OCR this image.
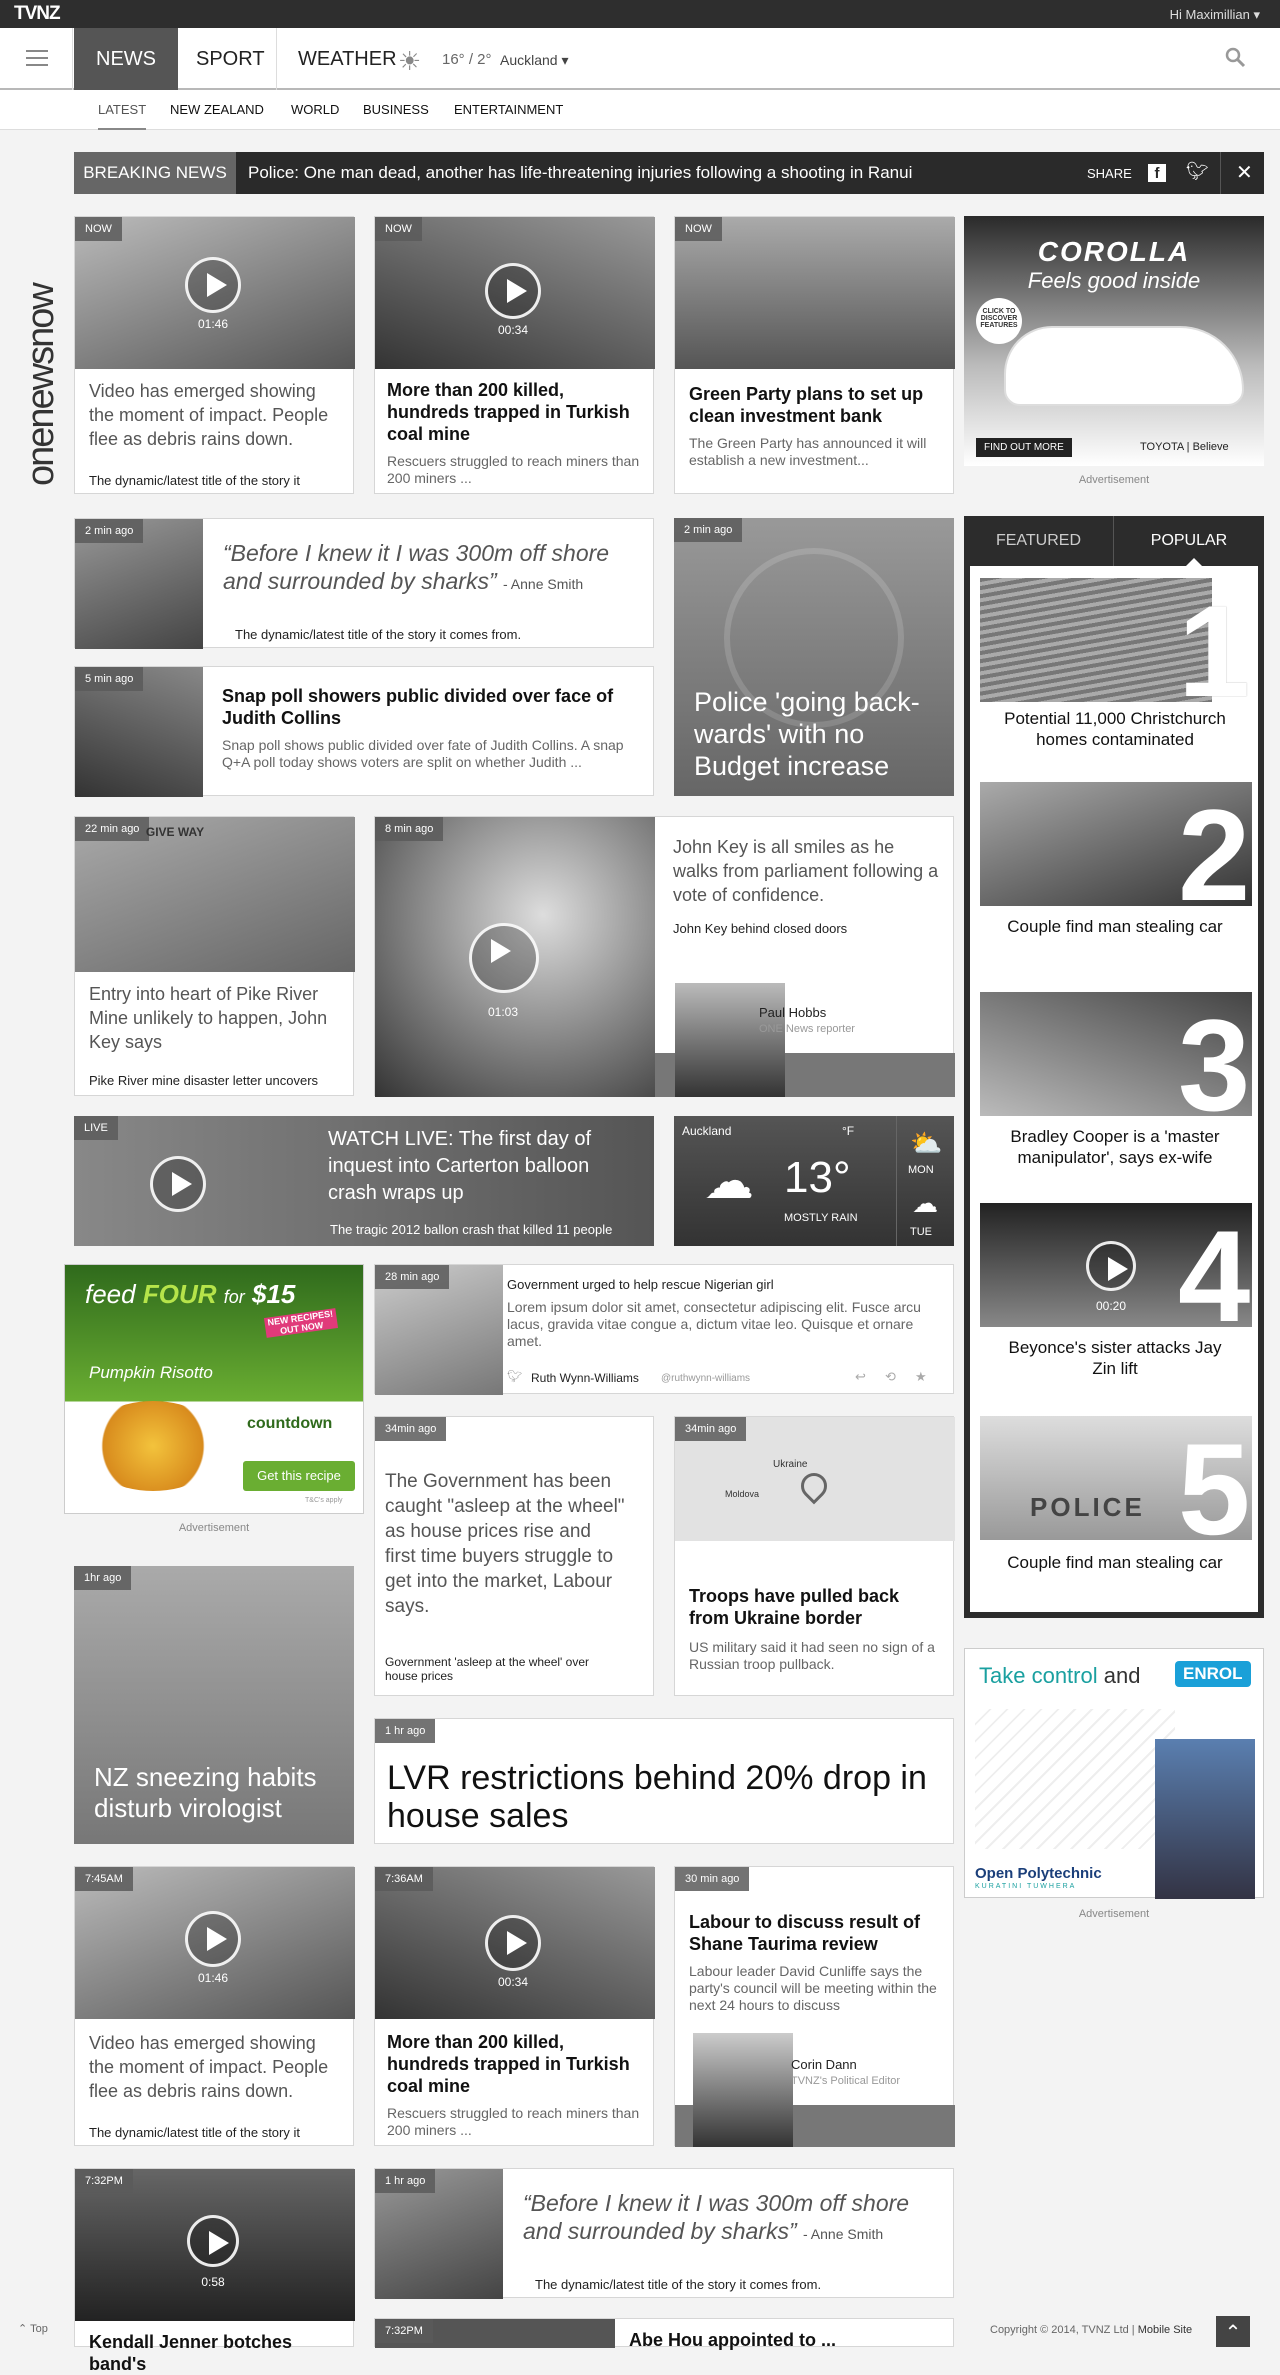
TVNZ	Hi Maximillian ▾
NEWS	SPORT	WEATHER ☀ 16° / 2° Auckland ▾
LATEST NEW ZEALAND WORLD BUSINESS ENTERTAINMENT
BREAKING NEWS	Police: One man dead, another has life-threatening injuries following a shooting in Ranui	SHARE	f	🐦︎ ✕
onenewsnow
NOW
01:46
Video has emerged showing the moment of impact. People flee as debris rains down.
The dynamic/latest title of the story it
NOW
00:34
More than 200 killed, hundreds trapped in Turkish coal mine
Rescuers struggled to reach miners than 200 miners ...
NOW
Green Party plans to set up clean investment bank
The Green Party has announced it will establish a new investment...
COROLLA
Feels good inside
CLICK TO DISCOVER FEATURES
FIND OUT MORE	TOYOTA | Believe
Advertisement
2 min ago
“Before I knew it I was 300m off shore and surrounded by sharks” - Anne Smith
The dynamic/latest title of the story it comes from.
5 min ago
Snap poll showers public divided over face of Judith Collins
Snap poll shows public divided over fate of Judith Collins. A snap Q+A poll today shows voters are split on whether Judith ...
2 min ago
Police 'going back-wards' with no Budget increase
FEATURED	POPULAR
1
Potential 11,000 Christchurch homes contaminated
2
Couple find man stealing car
3
Bradley Cooper is a 'master manipulator', says ex-wife
00:20 4
Beyonce's sister attacks Jay Zin lift
POLICE 5
Couple find man stealing car
22 min ago GIVE WAY
Entry into heart of Pike River Mine unlikely to happen, John Key says
Pike River mine disaster letter uncovers
8 min ago
01:03
John Key is all smiles as he walks from parliament following a vote of confidence.
John Key behind closed doors
Paul Hobbs
ONE News reporter
LIVE	WATCH LIVE: The first day of inquest into Carterton balloon crash wraps up
The tragic 2012 ballon crash that killed 11 people
Auckland	°F
☁ 13°
MOSTLY RAIN
⛅
MON
☁
TUE
feed FOUR for $15
NEW RECIPES! OUT NOW
Pumpkin Risotto
countdown
Get this recipe
T&C's apply
Advertisement
28 min ago	Government urged to help rescue Nigerian girl
Lorem ipsum dolor sit amet, consectetur adipiscing elit. Fusce arcu lacus, gravida vitae congue a, dictum vitae leo. Quisque et ornare amet.
🐦︎ Ruth Wynn-Williams @ruthwynn-williams	↩ ⟲ ★
34min ago
The Government has been caught "asleep at the wheel" as house prices rise and first time buyers struggle to get into the market, Labour says.
Government 'asleep at the wheel' over house prices
Ukraine
Moldova
34min ago
Troops have pulled back from Ukraine border
US military said it had seen no sign of a Russian troop pullback.
1hr ago
NZ sneezing habits disturb virologist
1 hr ago
LVR restrictions behind 20% drop in house sales
Take control and	ENROL
Open Polytechnic
KURATINI TUWHERA
Advertisement
7:45AM
01:46
Video has emerged showing the moment of impact. People flee as debris rains down.
The dynamic/latest title of the story it
7:36AM
00:34
More than 200 killed, hundreds trapped in Turkish coal mine
Rescuers struggled to reach miners than 200 miners ...
30 min ago
Labour to discuss result of Shane Taurima review
Labour leader David Cunliffe says the party's council will be meeting within the next 24 hours to discuss
Corin Dann
TVNZ's Political Editor
7:32PM
0:58
Kendall Jenner botches band's
1 hr ago
“Before I knew it I was 300m off shore and surrounded by sharks” - Anne Smith
The dynamic/latest title of the story it comes from.
7:32PM	Abe Hou appointed to ...
⌃ Top	Copyright © 2014, TVNZ Ltd | Mobile Site	⌃
